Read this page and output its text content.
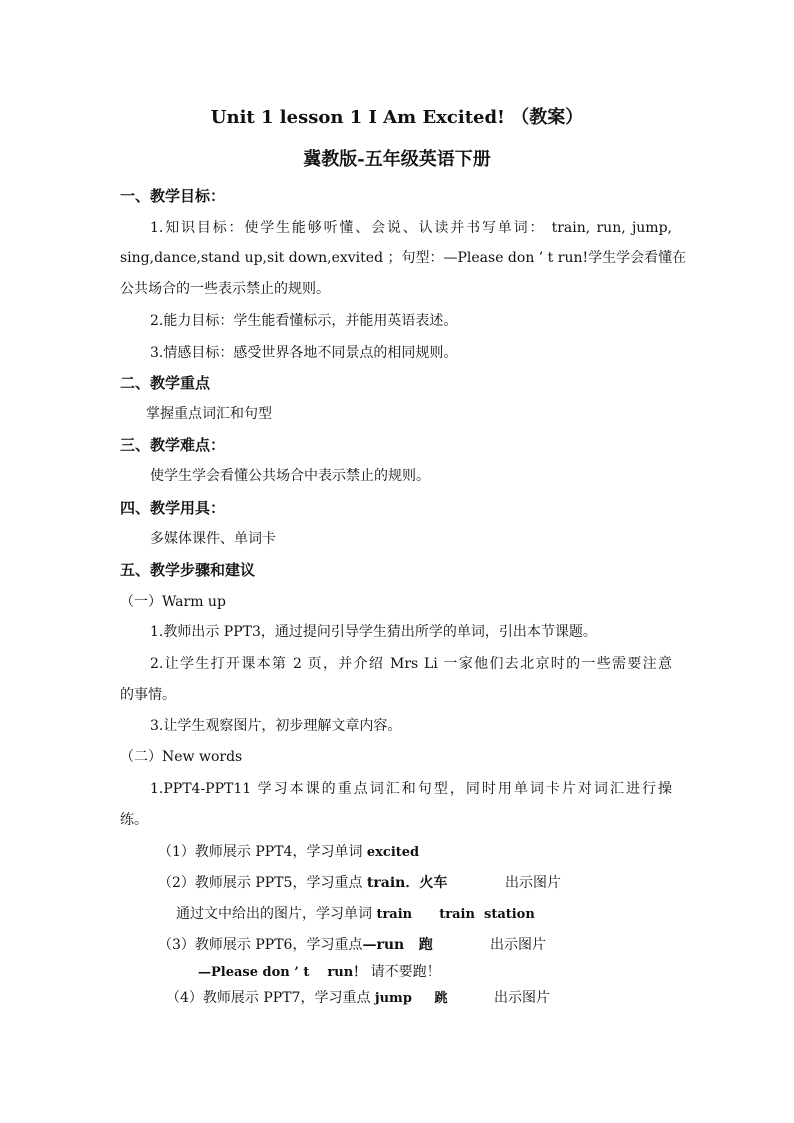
Unit 1 lesson 1 I Am Excited! （教案）
冀教版-五年级英语下册
一、教学目标：
1.知识目标：使学生能够听懂、会说、认读并书写单词： train, run, jump,
sing,dance,stand up,sit down,exvited ；句型：—Please don ’ t run!学生学会看懂在
公共场合的一些表示禁止的规则。
2.能力目标：学生能看懂标示，并能用英语表述。
3.情感目标：感受世界各地不同景点的相同规则。
二、教学重点
掌握重点词汇和句型
三、教学难点：
使学生学会看懂公共场合中表示禁止的规则。
四、教学用具：
多媒体课件、单词卡
五、教学步骤和建议
（一）Warm up
1.教师出示 PPT3，通过提问引导学生猜出所学的单词，引出本节课题。
2.让学生打开课本第 2 页，并介绍 Mrs Li 一家他们去北京时的一些需要注意
的事情。
3.让学生观察图片，初步理解文章内容。
（二）New words
1.PPT4-PPT11 学习本课的重点词汇和句型，同时用单词卡片对词汇进行操
练。
（1）教师展示 PPT4，学习单词 excited
（2）教师展示 PPT5，学习重点 train．火车	出示图片
通过文中给出的图片，学习单词 train      train  station
（3）教师展示 PPT6，学习重点—run   跑	出示图片
—Please don ’ t    run！ 请不要跑！
（4）教师展示 PPT7，学习重点 jump     跳	出示图片
